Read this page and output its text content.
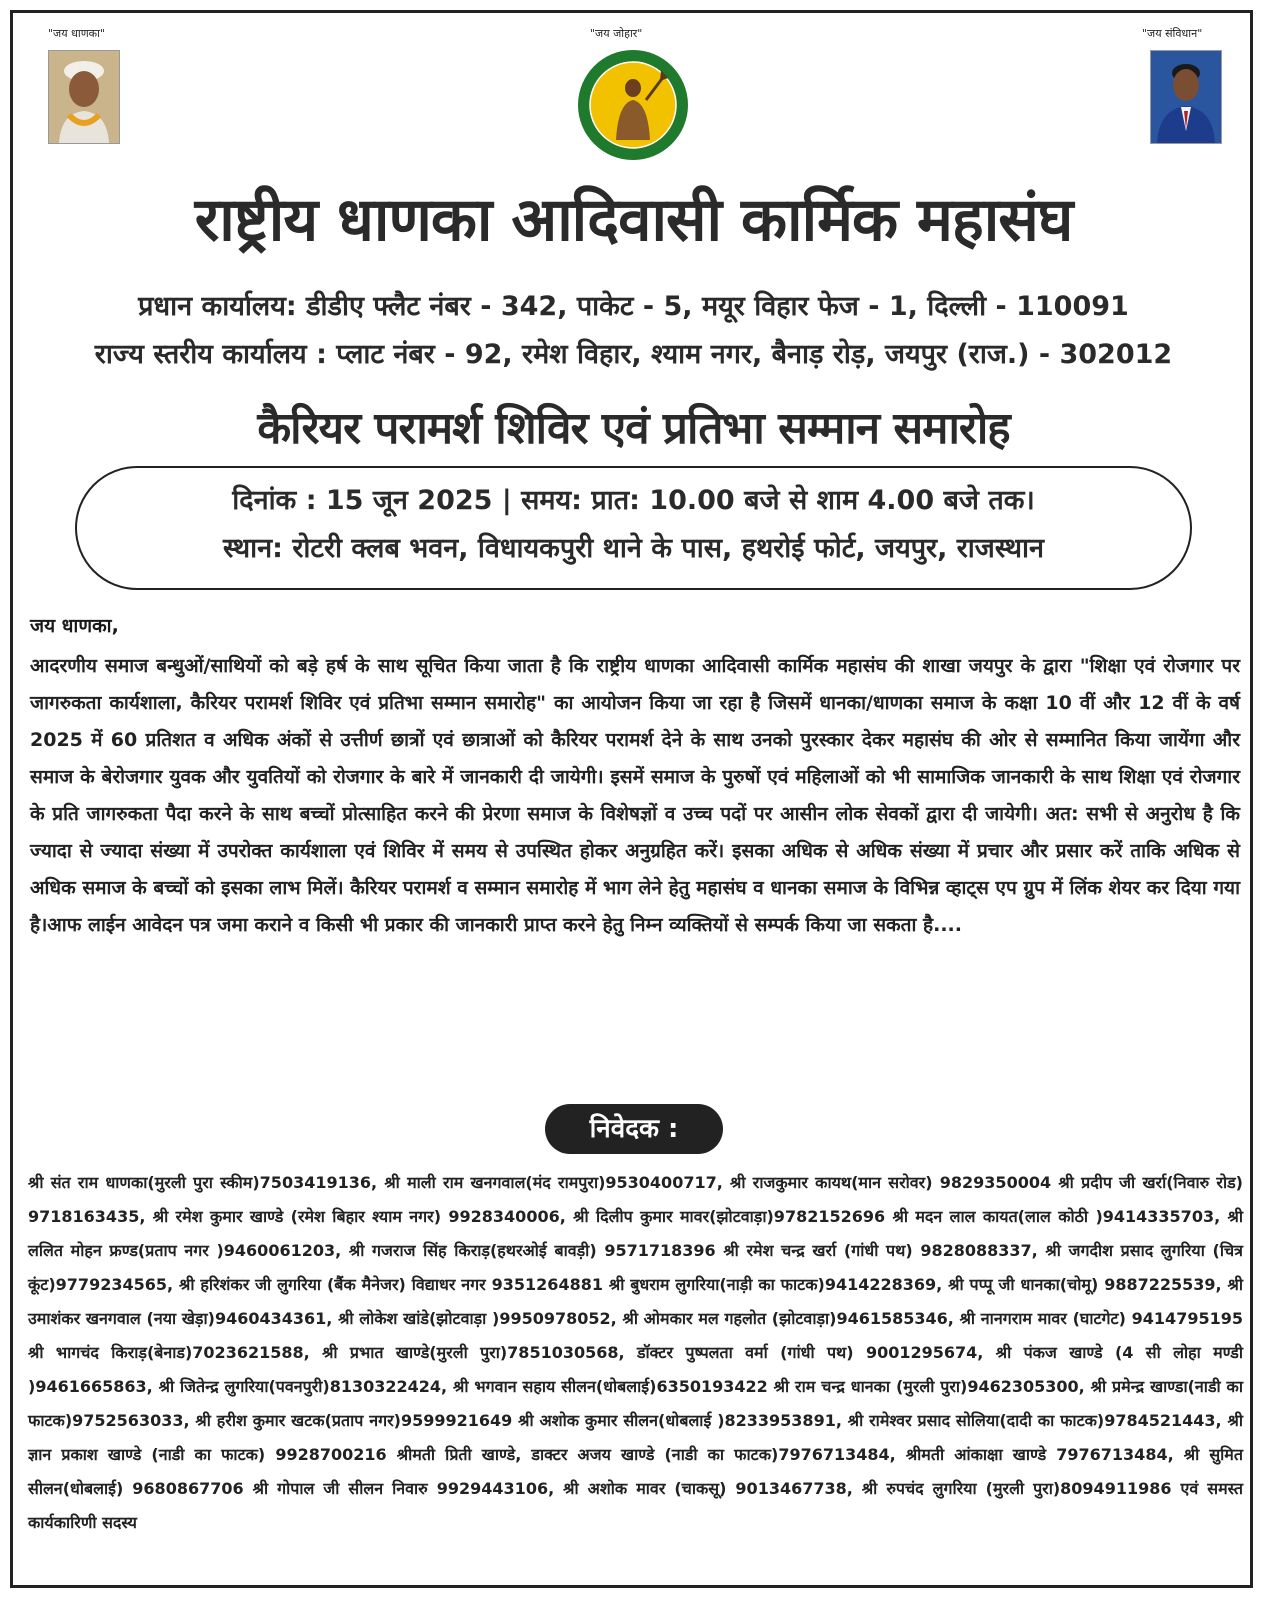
"जय धाणका"	"जय जोहार"	"जय संविधान"
राष्ट्रीय धाणका आदिवासी कार्मिक महासंघ
प्रधान कार्यालय: डीडीए फ्लैट नंबर - 342, पाकेट - 5, मयूर विहार फेज - 1, दिल्ली - 110091
राज्य स्तरीय कार्यालय : प्लाट नंबर - 92, रमेश विहार, श्याम नगर, बैनाड़ रोड़, जयपुर (राज.) - 302012
कैरियर परामर्श शिविर एवं प्रतिभा सम्मान समारोह
दिनांक : 15 जून 2025 | समय: प्रात: 10.00 बजे से शाम 4.00 बजे तक।
स्थान: रोटरी क्लब भवन, विधायकपुरी थाने के पास, हथरोई फोर्ट, जयपुर, राजस्थान
जय धाणका,
आदरणीय समाज बन्धुओं/साथियों को बड़े हर्ष के साथ सूचित किया जाता है कि राष्ट्रीय धाणका आदिवासी कार्मिक महासंघ की शाखा जयपुर के द्वारा "शिक्षा एवं रोजगार पर जागरुकता कार्यशाला, कैरियर परामर्श शिविर एवं प्रतिभा सम्मान समारोह" का आयोजन किया जा रहा है जिसमें धानका/धाणका समाज के कक्षा 10 वीं और 12 वीं के वर्ष 2025 में 60 प्रतिशत व अधिक अंकों से उत्तीर्ण छात्रों एवं छात्राओं को कैरियर परामर्श देने के साथ उनको पुरस्कार देकर महासंघ की ओर से सम्मानित किया जायेंगा और समाज के बेरोजगार युवक और युवतियों को रोजगार के बारे में जानकारी दी जायेगी। इसमें समाज के पुरुषों एवं महिलाओं को भी सामाजिक जानकारी के साथ शिक्षा एवं रोजगार के प्रति जागरुकता पैदा करने के साथ बच्चों प्रोत्साहित करने की प्रेरणा समाज के विशेषज्ञों व उच्च पदों पर आसीन लोक सेवकों द्वारा दी जायेगी। अत: सभी से अनुरोध है कि ज्यादा से ज्यादा संख्या में उपरोक्त कार्यशाला एवं शिविर में समय से उपस्थित होकर अनुग्रहित करें। इसका अधिक से अधिक संख्या में प्रचार और प्रसार करें ताकि अधिक से अधिक समाज के बच्चों को इसका लाभ मिलें। कैरियर परामर्श व सम्मान समारोह में भाग लेने हेतु महासंघ व धानका समाज के विभिन्न व्हाट्स एप ग्रुप में लिंक शेयर कर दिया गया है।आफ लाईन आवेदन पत्र जमा कराने व किसी भी प्रकार की जानकारी प्राप्त करने हेतु निम्न व्यक्तियों से सम्पर्क किया जा सकता है....
निवेदक :
श्री संत राम धाणका(मुरली पुरा स्कीम)7503419136, श्री माली राम खनगवाल(मंद रामपुरा)9530400717, श्री राजकुमार कायथ(मान सरोवर) 9829350004 श्री प्रदीप जी खर्रा(निवारु रोड) 9718163435, श्री रमेश कुमार खाण्डे (रमेश बिहार श्याम नगर) 9928340006, श्री दिलीप कुमार मावर(झोटवाड़ा)9782152696 श्री मदन लाल कायत(लाल कोठी )9414335703, श्री ललित मोहन फ्रण्ड(प्रताप नगर )9460061203, श्री गजराज सिंह किराड़(हथरओई बावड़ी) 9571718396 श्री रमेश चन्द्र खर्रा (गांधी पथ) 9828088337, श्री जगदीश प्रसाद लुगरिया (चित्र कूंट)9779234565, श्री हरिशंकर जी लुगरिया (बैंक मैनेजर) विद्याधर नगर 9351264881 श्री बुधराम लुगरिया(नाड़ी का फाटक)9414228369, श्री पप्पू जी धानका(चोमू) 9887225539, श्री उमाशंकर खनगवाल (नया खेड़ा)9460434361, श्री लोकेश खांडे(झोटवाड़ा )9950978052, श्री ओमकार मल गहलोत (झोटवाड़ा)9461585346, श्री नानगराम मावर (घाटगेट) 9414795195 श्री भागचंद किराड़(बेनाड)7023621588, श्री प्रभात खाण्डे(मुरली पुरा)7851030568, डॉक्टर पुष्पलता वर्मा (गांधी पथ) 9001295674, श्री पंकज खाण्डे (4 सी लोहा मण्डी )9461665863, श्री जितेन्द्र लुगरिया(पवनपुरी)8130322424, श्री भगवान सहाय सीलन(धोबलाई)6350193422 श्री राम चन्द्र धानका (मुरली पुरा)9462305300, श्री प्रमेन्द्र खाण्डा(नाडी का फाटक)9752563033, श्री हरीश कुमार खटक(प्रताप नगर)9599921649 श्री अशोक कुमार सीलन(धोबलाई )8233953891, श्री रामेश्वर प्रसाद सोलिया(दादी का फाटक)9784521443, श्री ज्ञान प्रकाश खाण्डे (नाडी का फाटक) 9928700216 श्रीमती प्रिती खाण्डे, डाक्टर अजय खाण्डे (नाडी का फाटक)7976713484, श्रीमती आंकाक्षा खाण्डे 7976713484, श्री सुमित सीलन(धोबलाई) 9680867706 श्री गोपाल जी सीलन निवारु 9929443106, श्री अशोक मावर (चाकसू) 9013467738, श्री रुपचंद लुगरिया (मुरली पुरा)8094911986 एवं समस्त कार्यकारिणी सदस्य
